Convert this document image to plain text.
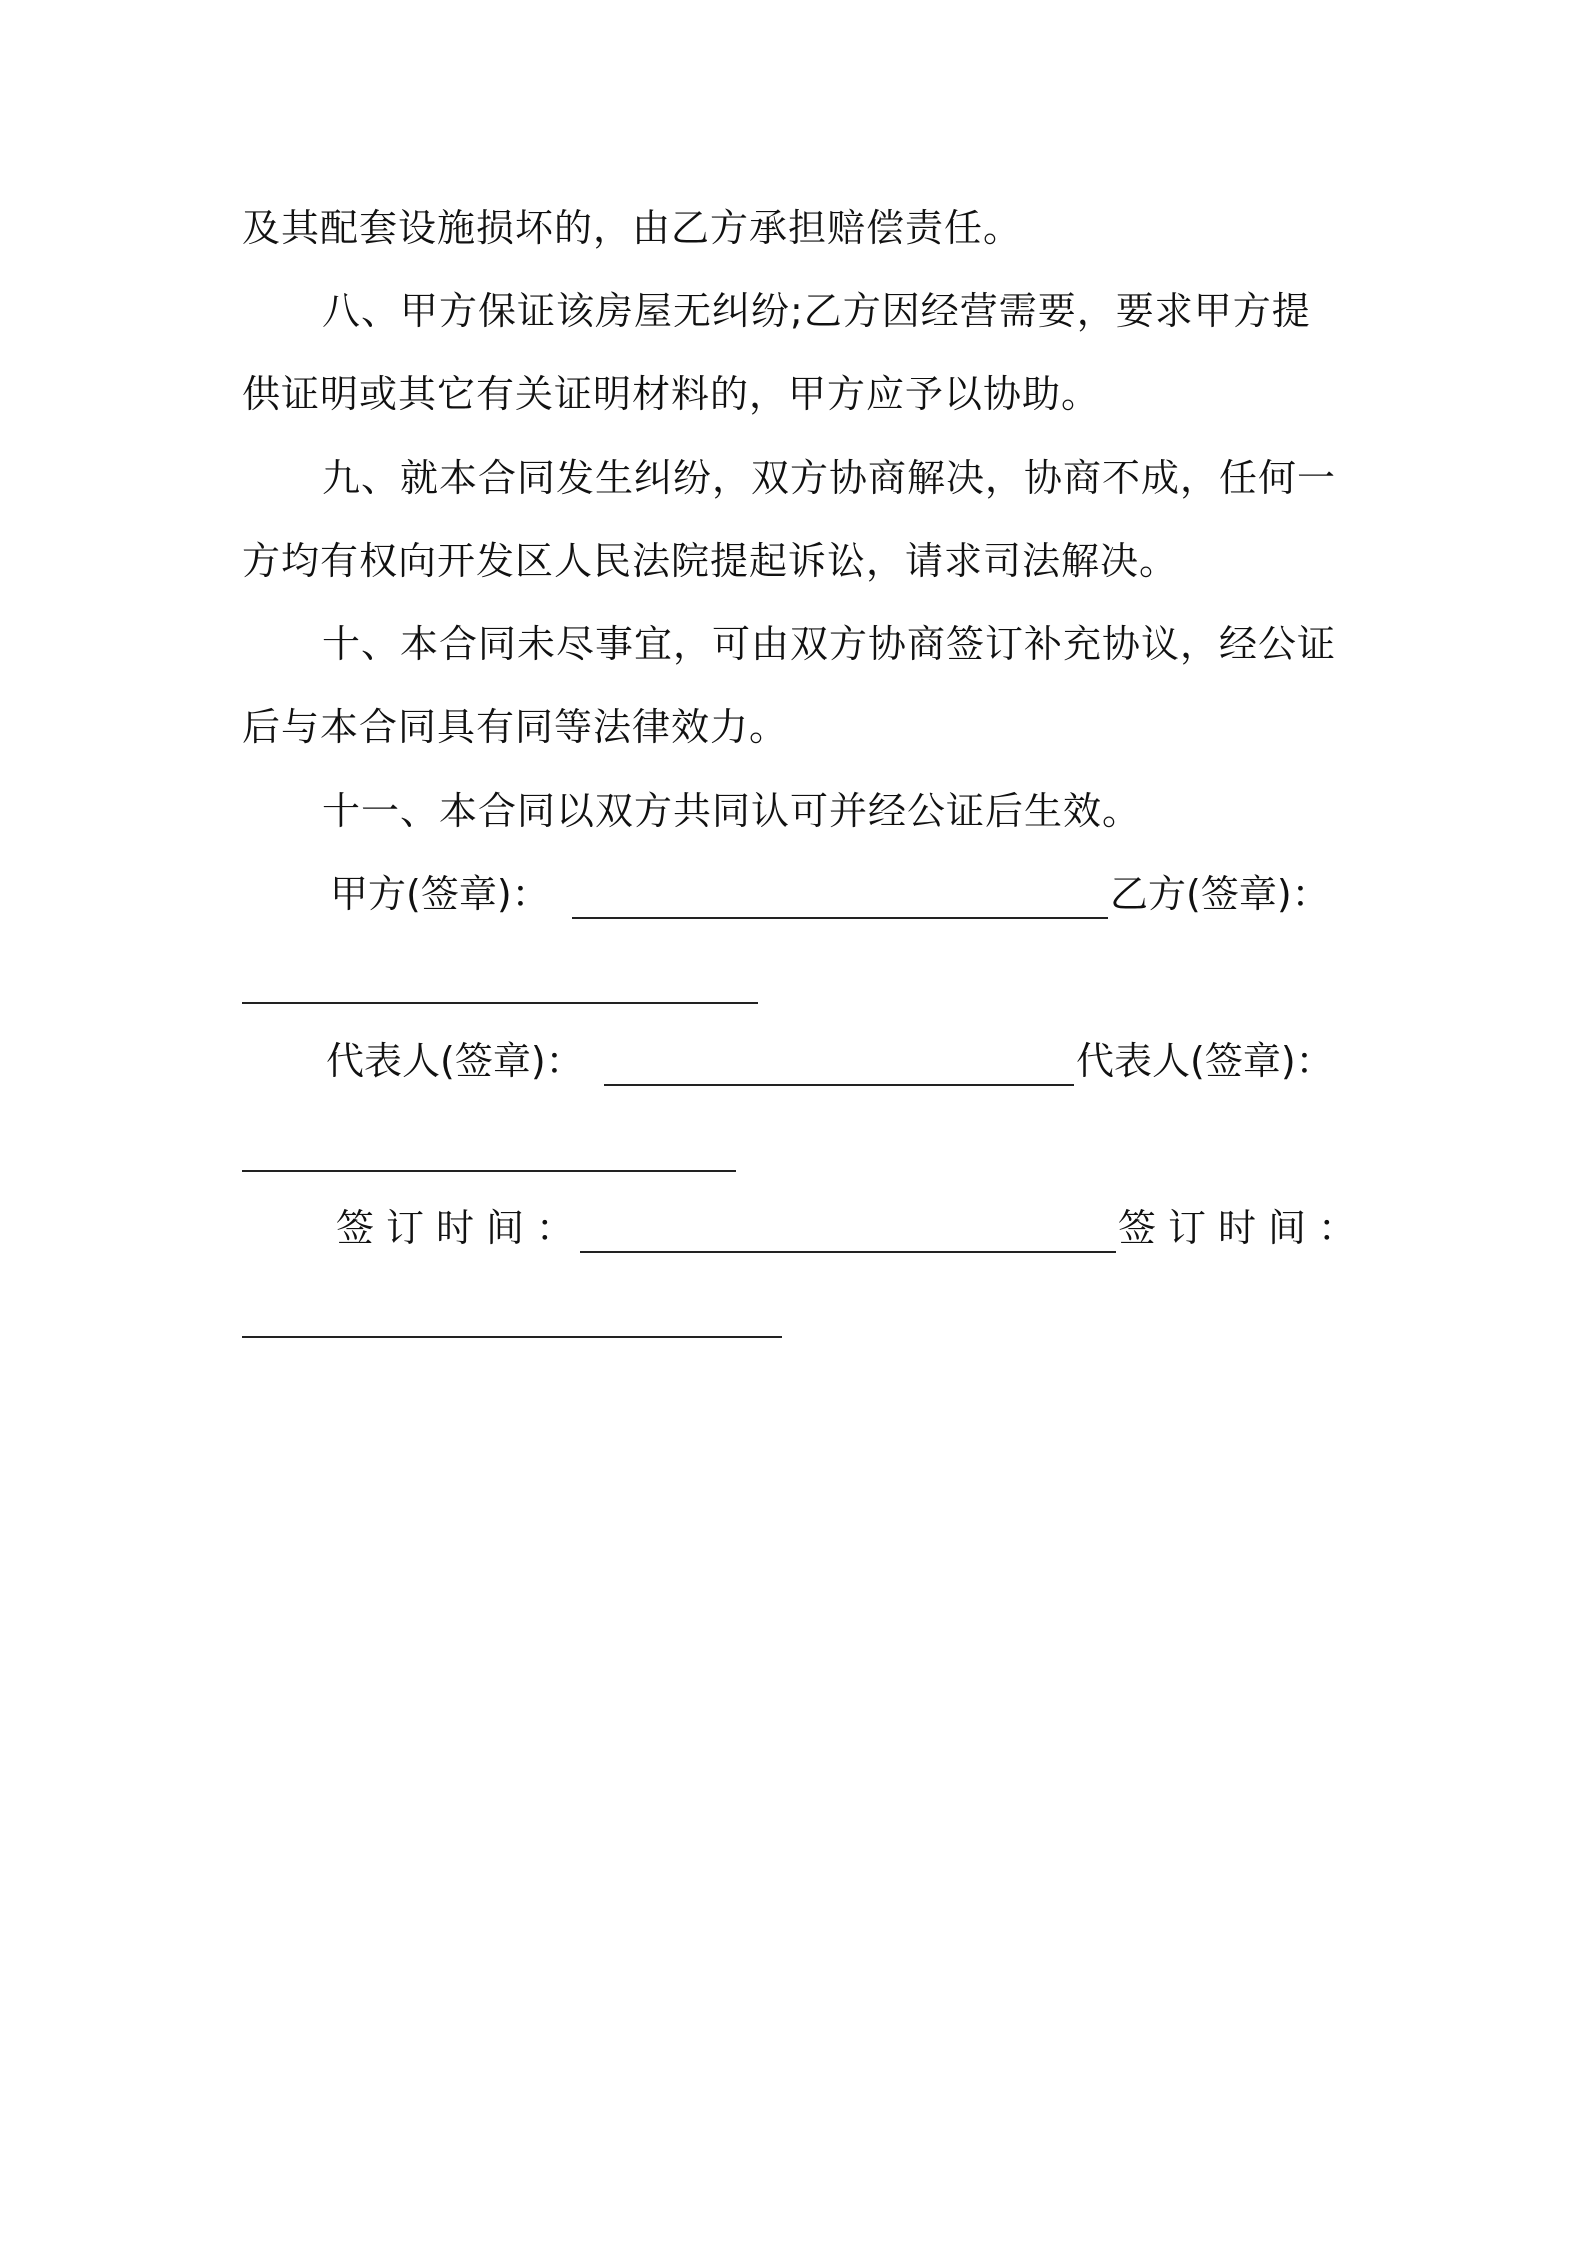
及其配套设施损坏的，由乙方承担赔偿责任。
八、甲方保证该房屋无纠纷;乙方因经营需要，要求甲方提
供证明或其它有关证明材料的，甲方应予以协助。
九、就本合同发生纠纷，双方协商解决，协商不成，任何一
方均有权向开发区人民法院提起诉讼，请求司法解决。
十、本合同未尽事宜，可由双方协商签订补充协议，经公证
后与本合同具有同等法律效力。
十一、本合同以双方共同认可并经公证后生效。
甲方(签章)：	乙方(签章)：
代表人(签章)：	代表人(签章)：
签订时间：	签订时间：
